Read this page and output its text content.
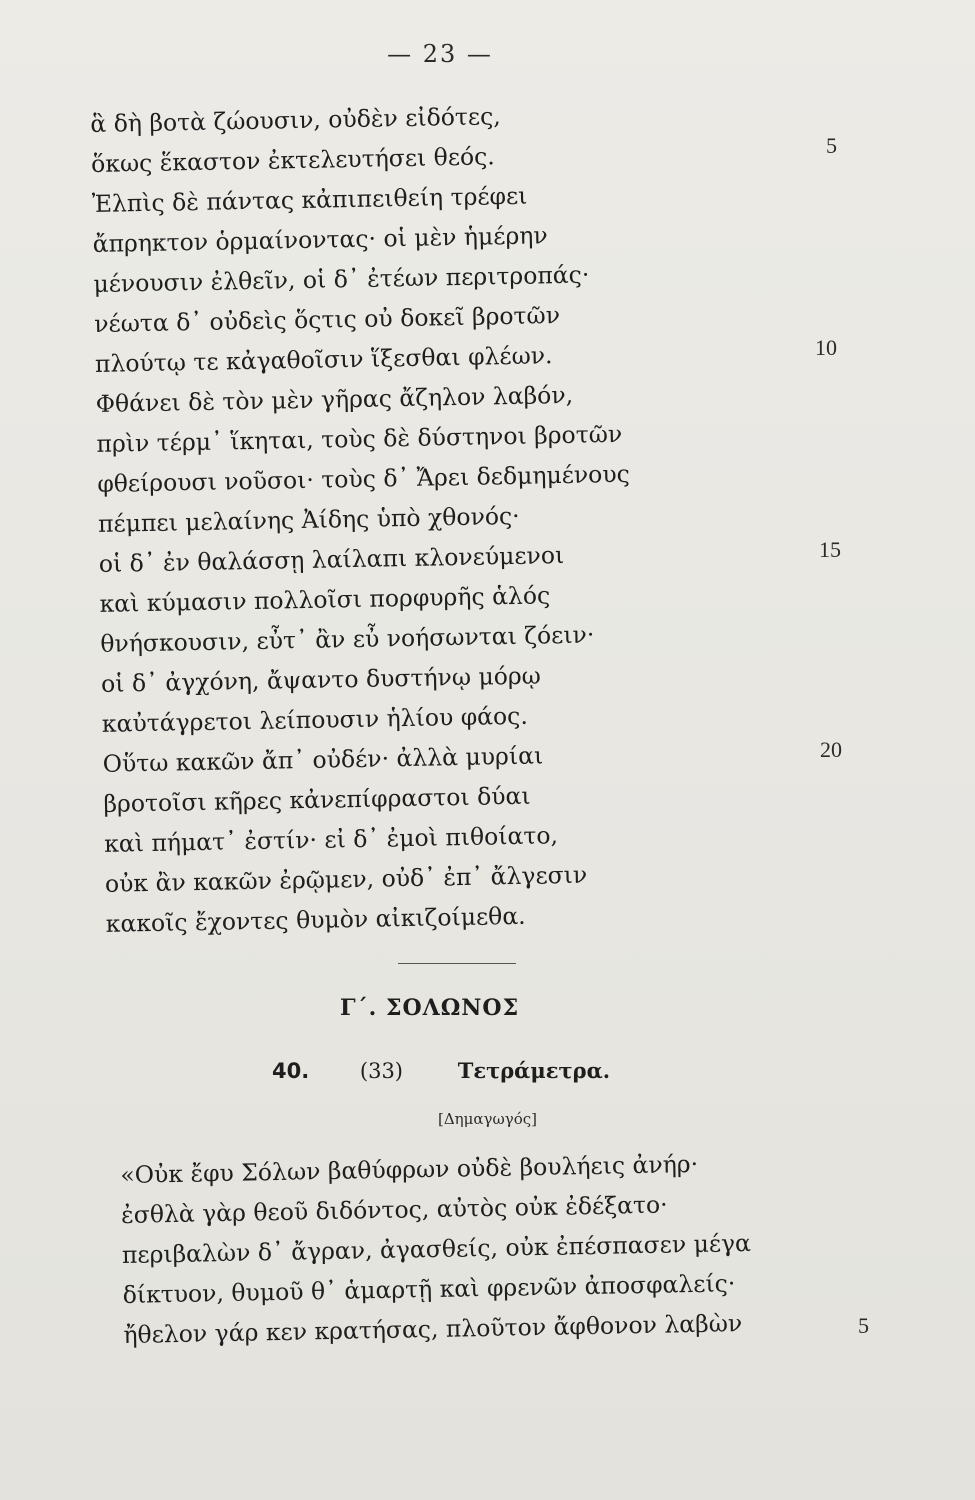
— 23 —
ἃ δὴ βοτὰ ζώουσιν, οὐδὲν εἰδότες,
ὅκως ἕκαστον ἐκτελευτήσει θεός.
Ἐλπὶς δὲ πάντας κἀπιπειθείη τρέφει
ἄπρηκτον ὁρμαίνοντας· οἱ μὲν ἡμέρην
μένουσιν ἐλθεῖν, οἱ δ᾽ ἐτέων περιτροπάς·
νέωτα δ᾽ οὐδεὶς ὅςτις οὐ δοκεῖ βροτῶν
πλούτῳ τε κἀγαθοῖσιν ἵξεσθαι φλέων.
Φθάνει δὲ τὸν μὲν γῆρας ἄζηλον λαβόν,
πρὶν τέρμ᾽ ἵκηται, τοὺς δὲ δύστηνοι βροτῶν
φθείρουσι νοῦσοι· τοὺς δ᾽ Ἄρει δεδμημένους
πέμπει μελαίνης Ἀίδης ὑπὸ χθονός·
οἱ δ᾽ ἐν θαλάσσῃ λαίλαπι κλονεύμενοι
καὶ κύμασιν πολλοῖσι πορφυρῆς ἁλός
θνήσκουσιν, εὖτ᾽ ἂν εὖ νοήσωνται ζόειν·
οἱ δ᾽ ἀγχόνη, ἄψαντο δυστήνῳ μόρῳ
καὐτάγρετοι λείπουσιν ἡλίου φάος.
Οὕτω κακῶν ἄπ᾽ οὐδέν· ἀλλὰ μυρίαι
βροτοῖσι κῆρες κἀνεπίφραστοι δύαι
καὶ πήματ᾽ ἐστίν· εἰ δ᾽ ἐμοὶ πιθοίατο,
οὐκ ἂν κακῶν ἐρῷμεν, οὐδ᾽ ἐπ᾽ ἄλγεσιν
κακοῖς ἔχοντες θυμὸν αἰκιζοίμεθα.
5
10
15
20
Γ΄. ΣΟΛΩΝΟΣ
40. (33)	Τετράμετρα.
[Δημαγωγός]
«Οὐκ ἔφυ Σόλων βαθύφρων οὐδὲ βουλήεις ἀνήρ·
ἐσθλὰ γὰρ θεοῦ διδόντος, αὐτὸς οὐκ ἐδέξατο·
περιβαλὼν δ᾽ ἄγραν, ἀγασθείς, οὐκ ἐπέσπασεν μέγα
δίκτυον, θυμοῦ θ᾽ ἁμαρτῇ καὶ φρενῶν ἀποσφαλείς·
ἤθελον γάρ κεν κρατήσας, πλοῦτον ἄφθονον λαβὼν	5
